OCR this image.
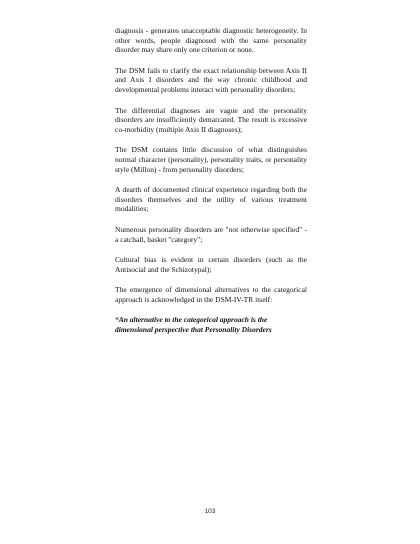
diagnosis - generates unacceptable diagnostic heterogeneity. In other words, people diagnosed with the same personality disorder may share only one criterion or none.

The DSM fails to clarify the exact relationship between Axis II and Axis I disorders and the way chronic childhood and developmental problems interact with personality disorders;

The differential diagnoses are vague and the personality disorders are insufficiently demarcated. The result is excessive co-morbidity (multiple Axis II diagnoses);

The DSM contains little discussion of what distinguishes normal character (personality), personality traits, or personality style (Millon) - from personality disorders;

A dearth of documented clinical experience regarding both the disorders themselves and the utility of various treatment modalities;

Numerous personality disorders are "not otherwise specified" - a catchall, basket "category";

Cultural bias is evident in certain disorders (such as the Antisocial and the Schizotypal);

The emergence of dimensional alternatives to the categorical approach is acknowledged in the DSM-IV-TR itself:

“An alternative to the categorical approach is the dimensional perspective that Personality Disorders

103
